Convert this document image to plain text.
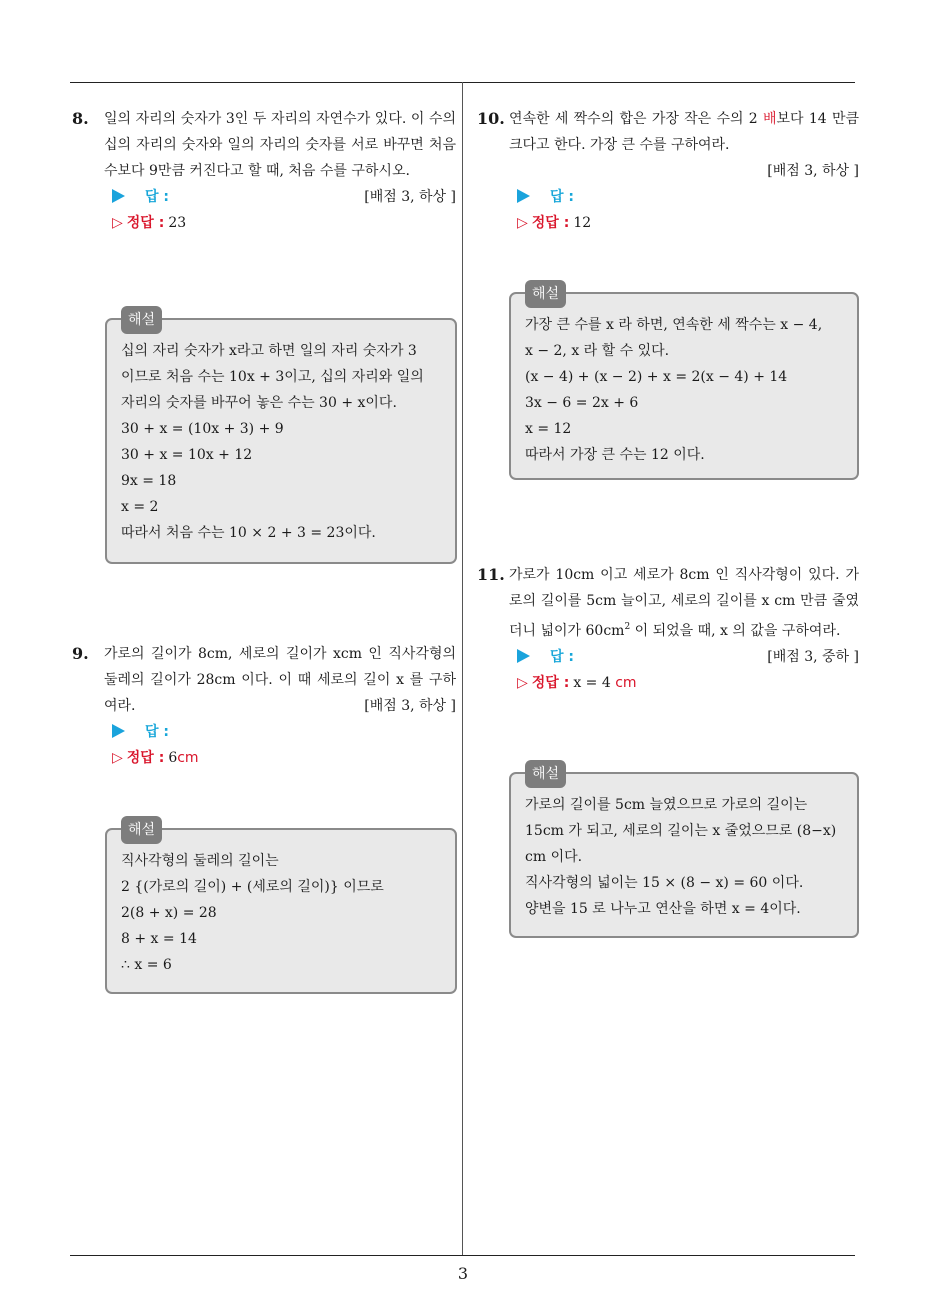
8. 일의 자리의 숫자가 3인 두 자리의 자연수가 있다. 이 수의 십의 자리의 숫자와 일의 자리의 숫자를 서로 바꾸면 처음 수보다 9만큼 커진다고 할 때, 처음 수를 구하시오.
[배점 3, 하상 ]
답 :
▷ 정답 : 23
해설
십의 자리 숫자가 x라고 하면 일의 자리 숫자가 3
이므로 처음 수는 10x + 3이고, 십의 자리와 일의
자리의 숫자를 바꾸어 놓은 수는 30 + x이다.
30 + x = (10x + 3) + 9
30 + x = 10x + 12
9x = 18
x = 2
따라서 처음 수는 10 × 2 + 3 = 23이다.
9. 가로의 길이가 8cm, 세로의 길이가 xcm 인 직사각형의 둘레의 길이가 28cm 이다. 이 때 세로의 길이 x 를 구하여라.	[배점 3, 하상 ]
답 :
▷ 정답 : 6cm
해설
직사각형의 둘레의 길이는
2 {(가로의 길이) + (세로의 길이)} 이므로
2(8 + x) = 28
8 + x = 14
∴ x = 6
10. 연속한 세 짝수의 합은 가장 작은 수의 2 배보다 14 만큼 크다고 한다. 가장 큰 수를 구하여라.
[배점 3, 하상 ]
답 :
▷ 정답 : 12
해설
가장 큰 수를 x 라 하면, 연속한 세 짝수는 x − 4,
x − 2, x 라 할 수 있다.
(x − 4) + (x − 2) + x = 2(x − 4) + 14
3x − 6 = 2x + 6
x = 12
따라서 가장 큰 수는 12 이다.
11. 가로가 10cm 이고 세로가 8cm 인 직사각형이 있다. 가로의 길이를 5cm 늘이고, 세로의 길이를 x cm 만큼 줄였더니 넓이가 $60cm^2$ 이 되었을 때, x 의 값을 구하여라.
[배점 3, 중하 ]
답 :
▷ 정답 : x = 4 cm
해설
가로의 길이를 5cm 늘였으므로 가로의 길이는
15cm 가 되고, 세로의 길이는 x 줄었으므로 (8−x)
cm 이다.
직사각형의 넓이는 15 × (8 − x) = 60 이다.
양변을 15 로 나누고 연산을 하면 x = 4이다.
3
